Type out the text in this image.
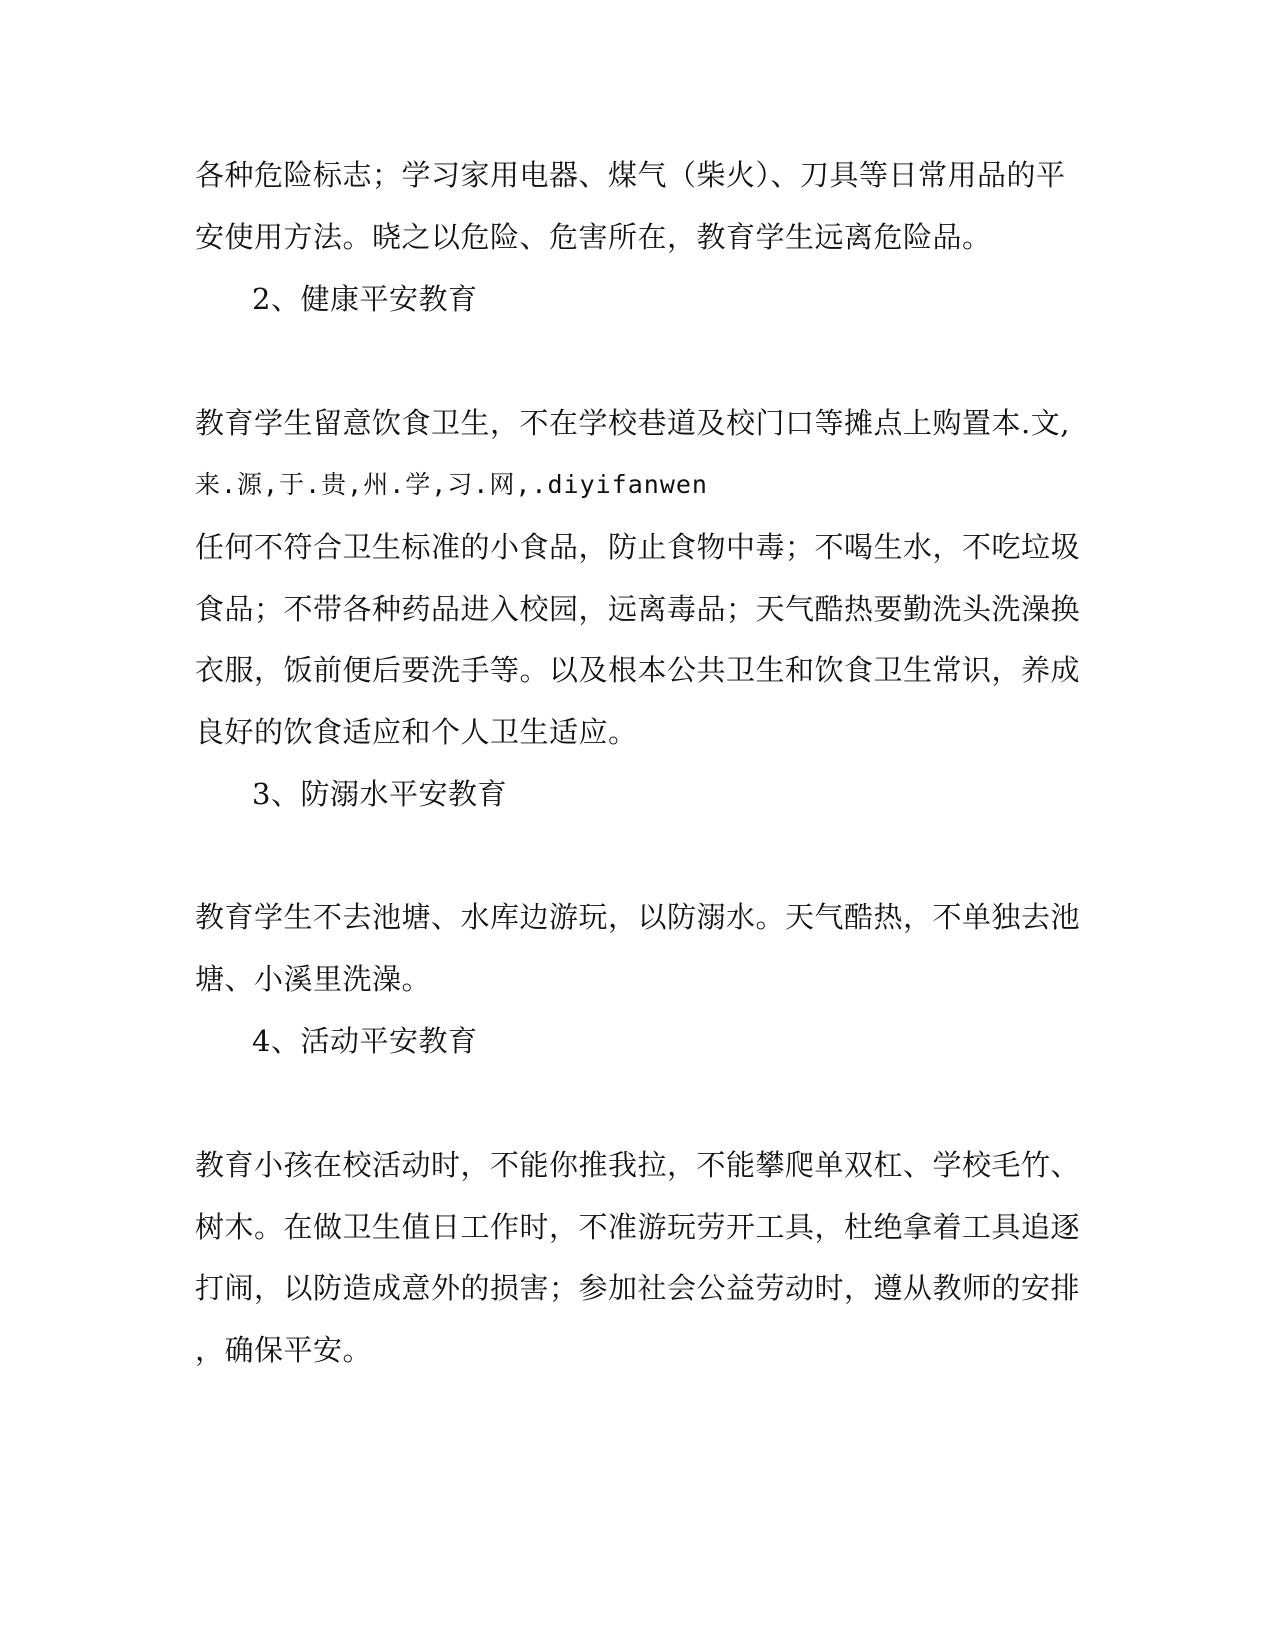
各种危险标志；学习家用电器、煤气（柴火）、刀具等日常用品的平
安使用方法。晓之以危险、危害所在，教育学生远离危险品。
2、健康平安教育
教育学生留意饮食卫生，不在学校巷道及校门口等摊点上购置本.文,
来.源,于.贵,州.学,习.网,.diyifanwen
任何不符合卫生标准的小食品，防止食物中毒；不喝生水，不吃垃圾
食品；不带各种药品进入校园，远离毒品；天气酷热要勤洗头洗澡换
衣服，饭前便后要洗手等。以及根本公共卫生和饮食卫生常识，养成
良好的饮食适应和个人卫生适应。
3、防溺水平安教育
教育学生不去池塘、水库边游玩，以防溺水。天气酷热，不单独去池
塘、小溪里洗澡。
4、活动平安教育
教育小孩在校活动时，不能你推我拉，不能攀爬单双杠、学校毛竹、
树木。在做卫生值日工作时，不准游玩劳开工具，杜绝拿着工具追逐
打闹，以防造成意外的损害；参加社会公益劳动时，遵从教师的安排
，确保平安。
